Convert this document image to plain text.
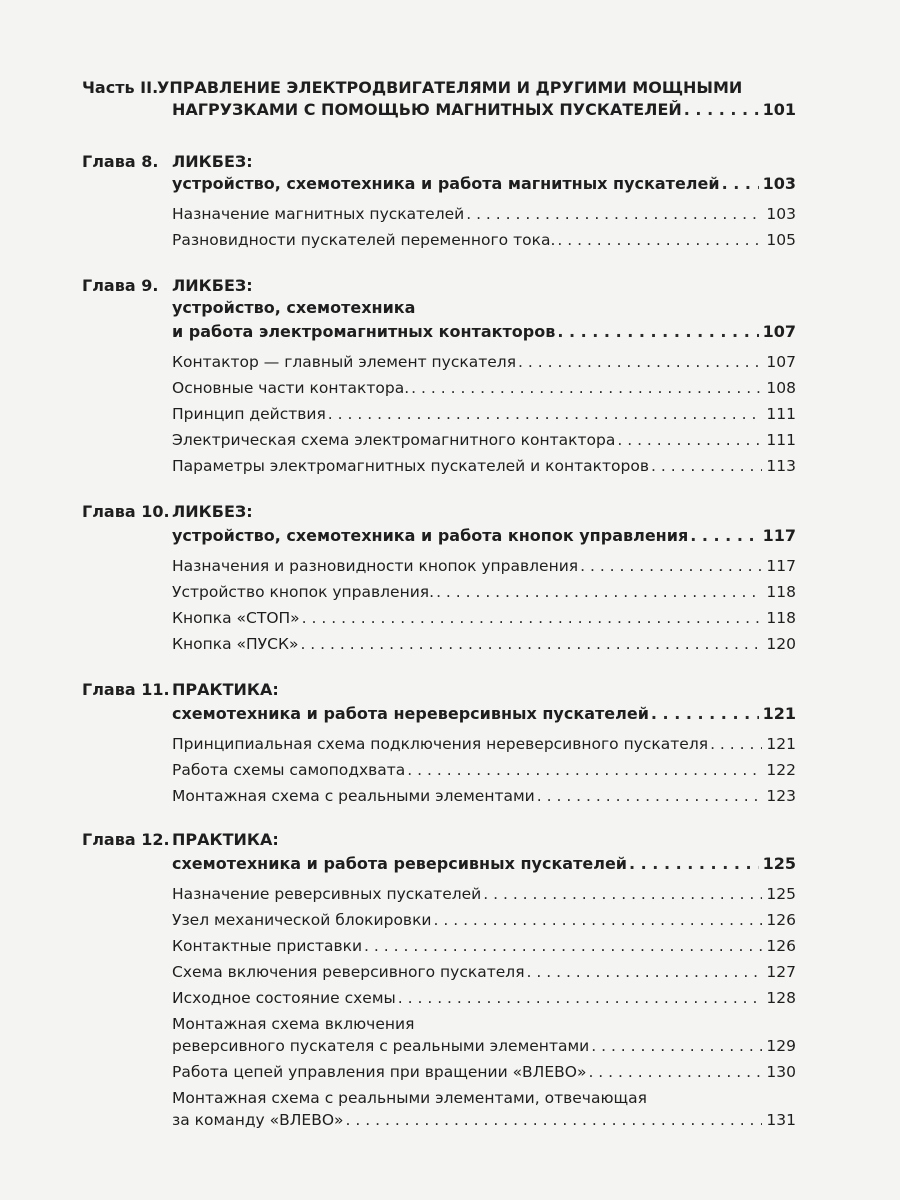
Часть II.
УПРАВЛЕНИЕ ЭЛЕКТРОДВИГАТЕЛЯМИ И ДРУГИМИ МОЩНЫМИ
НАГРУЗКАМИ С ПОМОЩЬЮ МАГНИТНЫХ ПУСКАТЕЛЕЙ . . .	101
Глава 8. ЛИКБЕЗ:
устройство, схемотехника и работа магнитных пускателей . . .	103
Назначение магнитных пускателей . . .	103
Разновидности пускателей переменного тока. . . .	105
Глава 9. ЛИКБЕЗ:
устройство, схемотехника
и работа электромагнитных контакторов . . .	107
Контактор — главный элемент пускателя . . .	107
Основные части контактора. . . .	108
Принцип действия . . .	111
Электрическая схема электромагнитного контактора . . .	111
Параметры электромагнитных пускателей и контакторов . . .	113
Глава 10. ЛИКБЕЗ:
устройство, схемотехника и работа кнопок управления . . .	117
Назначения и разновидности кнопок управления . . .	117
Устройство кнопок управления. . . .	118
Кнопка «СТОП» . . .	118
Кнопка «ПУСК» . . .	120
Глава 11. ПРАКТИКА:
схемотехника и работа нереверсивных пускателей . . .	121
Принципиальная схема подключения нереверсивного пускателя . . .	121
Работа схемы самоподхвата . . .	122
Монтажная схема с реальными элементами . . .	123
Глава 12. ПРАКТИКА:
схемотехника и работа реверсивных пускателей . . .	125
Назначение реверсивных пускателей . . .	125
Узел механической блокировки . . .	126
Контактные приставки . . .	126
Схема включения реверсивного пускателя . . .	127
Исходное состояние схемы . . .	128
Монтажная схема включения
реверсивного пускателя с реальными элементами . . .	129
Работа цепей управления при вращении «ВЛЕВО» . . .	130
Монтажная схема с реальными элементами, отвечающая
за команду «ВЛЕВО» . . .	131
